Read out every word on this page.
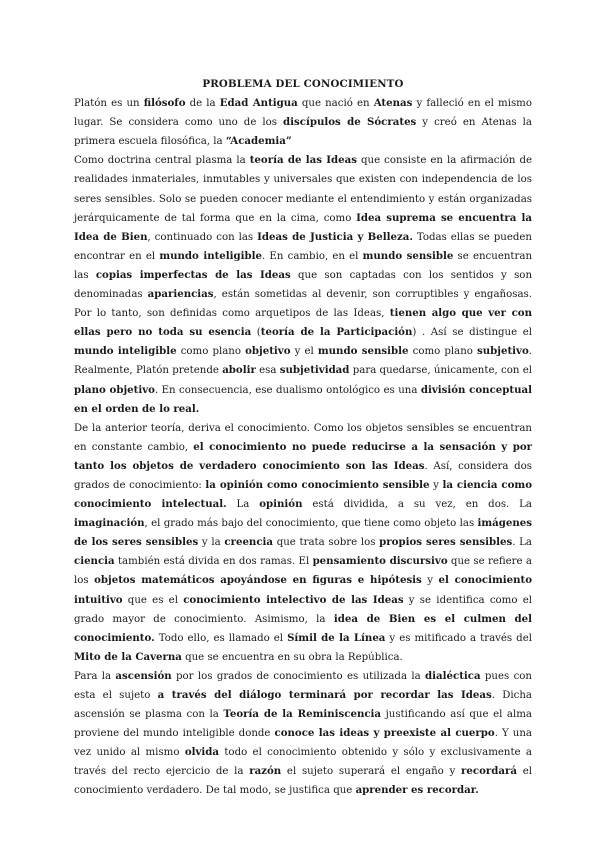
PROBLEMA DEL CONOCIMIENTO

Platón es un filósofo de la Edad Antigua que nació en Atenas y falleció en el mismo lugar. Se considera como uno de los discípulos de Sócrates y creó en Atenas la primera escuela filosófica, la “Academia”

Como doctrina central plasma la teoría de las Ideas que consiste en la afirmación de realidades inmateriales, inmutables y universales que existen con independencia de los seres sensibles. Solo se pueden conocer mediante el entendimiento y están organizadas jerárquicamente de tal forma que en la cima, como Idea suprema se encuentra la Idea de Bien, continuado con las Ideas de Justicia y Belleza. Todas ellas se pueden encontrar en el mundo inteligible. En cambio, en el mundo sensible se encuentran las copias imperfectas de las Ideas que son captadas con los sentidos y son denominadas apariencias, están sometidas al devenir, son corruptibles y engañosas. Por lo tanto, son definidas como arquetipos de las Ideas, tienen algo que ver con ellas pero no toda su esencia (teoría de la Participación) . Así se distingue el mundo inteligible como plano objetivo y el mundo sensible como plano subjetivo. Realmente, Platón pretende abolir esa subjetividad para quedarse, únicamente, con el plano objetivo. En consecuencia, ese dualismo ontológico es una división conceptual en el orden de lo real.

De la anterior teoría, deriva el conocimiento. Como los objetos sensibles se encuentran en constante cambio, el conocimiento no puede reducirse a la sensación y por tanto los objetos de verdadero conocimiento son las Ideas. Así, considera dos grados de conocimiento: la opinión como conocimiento sensible y la ciencia como conocimiento intelectual. La opinión está dividida, a su vez, en dos. La imaginación, el grado más bajo del conocimiento, que tiene como objeto las imágenes de los seres sensibles y la creencia que trata sobre los propios seres sensibles. La ciencia también está divida en dos ramas. El pensamiento discursivo que se refiere a los objetos matemáticos apoyándose en figuras e hipótesis y el conocimiento intuitivo que es el conocimiento intelectivo de las Ideas y se identifica como el grado mayor de conocimiento. Asimismo, la idea de Bien es el culmen del conocimiento. Todo ello, es llamado el Símil de la Línea y es mitificado a través del Mito de la Caverna que se encuentra en su obra la República.

Para la ascensión por los grados de conocimiento es utilizada la dialéctica pues con esta el sujeto a través del diálogo terminará por recordar las Ideas. Dicha ascensión se plasma con la Teoría de la Reminiscencia justificando así que el alma proviene del mundo inteligible donde conoce las ideas y preexiste al cuerpo. Y una vez unido al mismo olvida todo el conocimiento obtenido y sólo y exclusivamente a través del recto ejercicio de la razón el sujeto superará el engaño y recordará el conocimiento verdadero. De tal modo, se justifica que aprender es recordar.
